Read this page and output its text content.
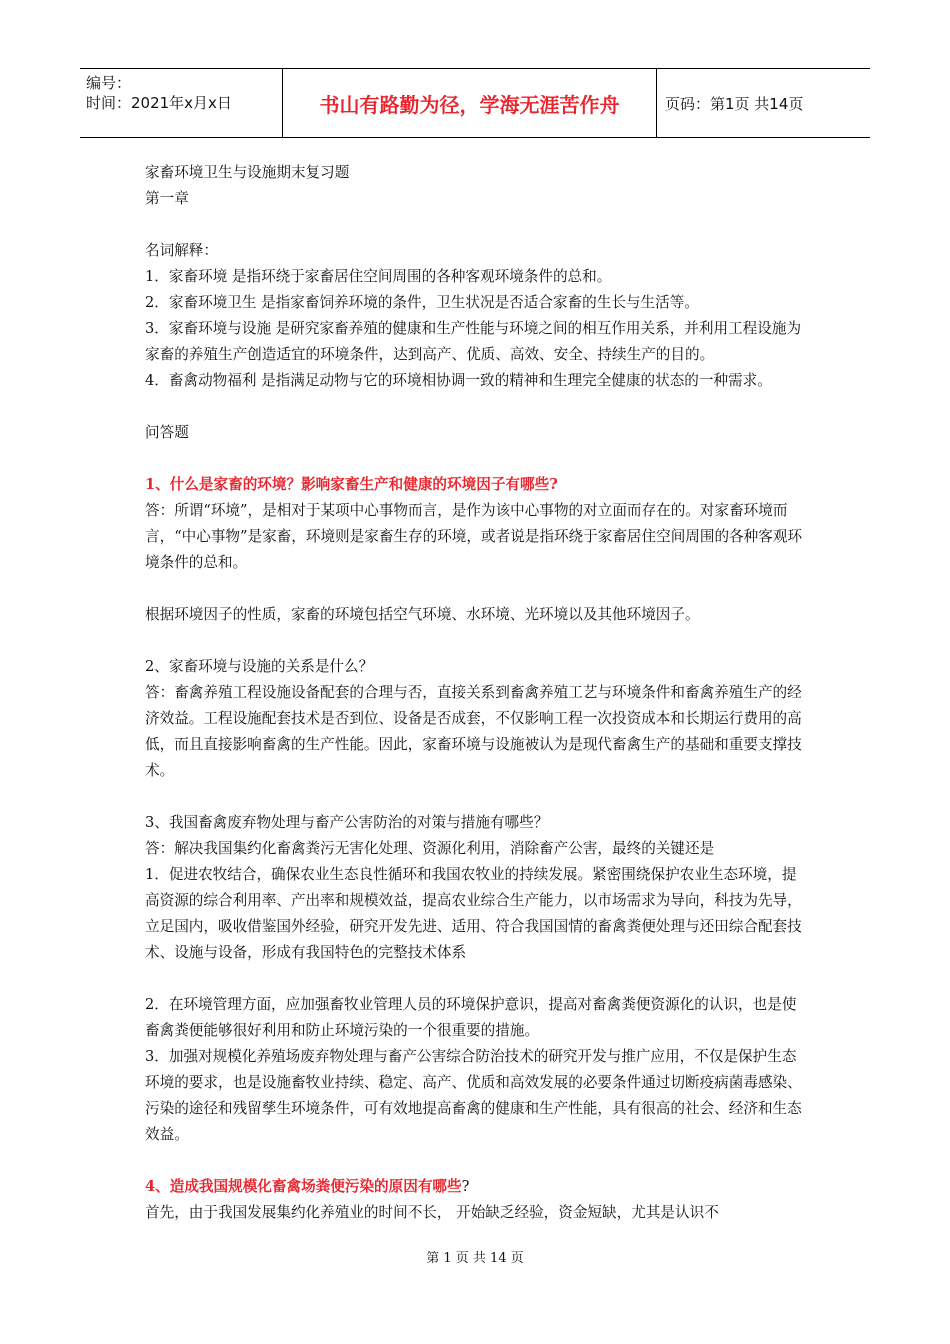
编号：
时间：2021年x月x日	书山有路勤为径，学海无涯苦作舟	页码：第1页 共14页

家畜环境卫生与设施期末复习题

第一章

名词解释：

1．家畜环境 是指环绕于家畜居住空间周围的各种客观环境条件的总和。

2．家畜环境卫生 是指家畜饲养环境的条件，卫生状况是否适合家畜的生长与生活等。

3．家畜环境与设施 是研究家畜养殖的健康和生产性能与环境之间的相互作用关系，并利用工程设施为家畜的养殖生产创造适宜的环境条件，达到高产、优质、高效、安全、持续生产的目的。

4．畜禽动物福利 是指满足动物与它的环境相协调一致的精神和生理完全健康的状态的一种需求。

问答题

1、什么是家畜的环境？影响家畜生产和健康的环境因子有哪些?

答：所谓“环境”，是相对于某项中心事物而言，是作为该中心事物的对立面而存在的。对家畜环境而言，“中心事物”是家畜，环境则是家畜生存的环境，或者说是指环绕于家畜居住空间周围的各种客观环境条件的总和。

根据环境因子的性质，家畜的环境包括空气环境、水环境、光环境以及其他环境因子。

2、家畜环境与设施的关系是什么？

答：畜禽养殖工程设施设备配套的合理与否，直接关系到畜禽养殖工艺与环境条件和畜禽养殖生产的经济效益。工程设施配套技术是否到位、设备是否成套，不仅影响工程一次投资成本和长期运行费用的高低，而且直接影响畜禽的生产性能。因此，家畜环境与设施被认为是现代畜禽生产的基础和重要支撑技术。

3、我国畜禽废弃物处理与畜产公害防治的对策与措施有哪些？

答：解决我国集约化畜禽粪污无害化处理、资源化利用，消除畜产公害，最终的关键还是

1．促进农牧结合，确保农业生态良性循环和我国农牧业的持续发展。紧密围绕保护农业生态环境，提高资源的综合利用率、产出率和规模效益，提高农业综合生产能力，以市场需求为导向，科技为先导，立足国内，吸收借鉴国外经验，研究开发先进、适用、符合我国国情的畜禽粪便处理与还田综合配套技术、设施与设备，形成有我国特色的完整技术体系

2．在环境管理方面，应加强畜牧业管理人员的环境保护意识，提高对畜禽粪便资源化的认识，也是使畜禽粪便能够很好利用和防止环境污染的一个很重要的措施。

3．加强对规模化养殖场废弃物处理与畜产公害综合防治技术的研究开发与推广应用，不仅是保护生态环境的要求，也是设施畜牧业持续、稳定、高产、优质和高效发展的必要条件通过切断疫病菌毒感染、污染的途径和残留孳生环境条件，可有效地提高畜禽的健康和生产性能，具有很高的社会、经济和生态效益。

4、造成我国规模化畜禽场粪便污染的原因有哪些?

首先，由于我国发展集约化养殖业的时间不长， 开始缺乏经验，资金短缺，尤其是认识不

第 1 页 共 14 页
